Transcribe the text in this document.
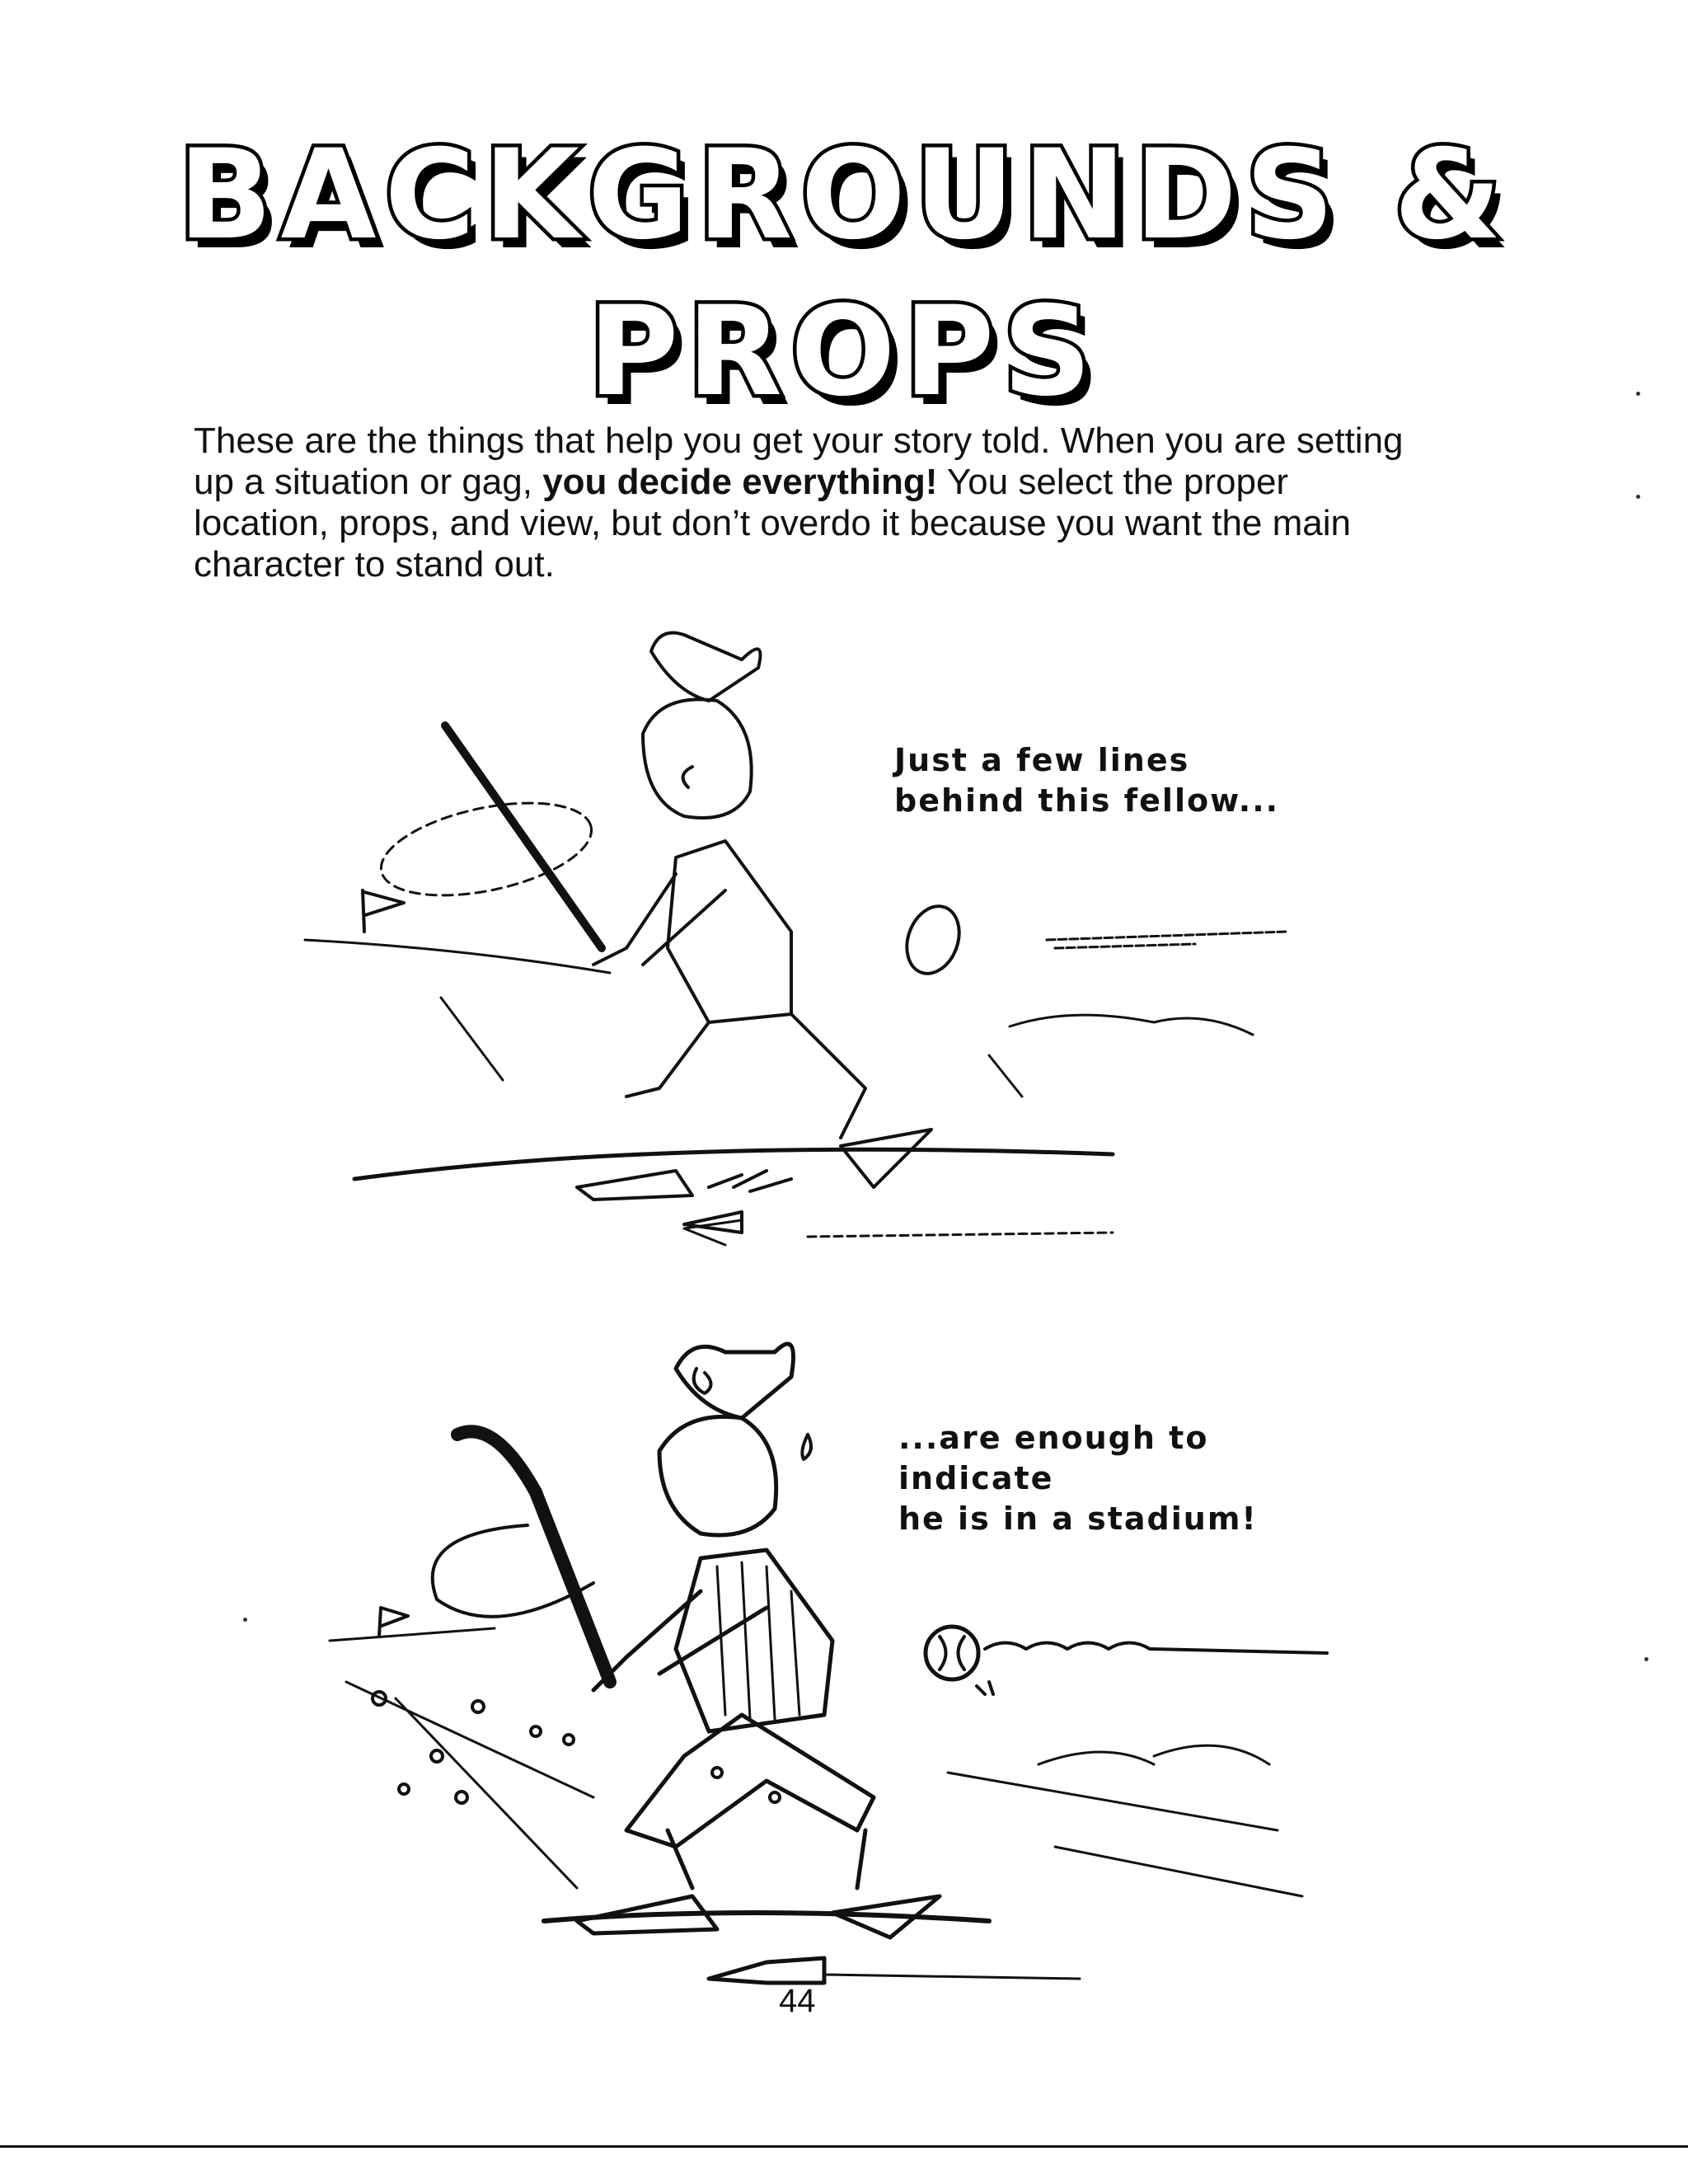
BACKGROUNDS &
PROPS
These are the things that help you get your story told. When you are setting up a situation or gag, you decide everything! You select the proper location, props, and view, but don’t overdo it because you want the main character to stand out.
Just a few lines
behind this fellow...
...are enough to indicate
he is in a stadium!
44
